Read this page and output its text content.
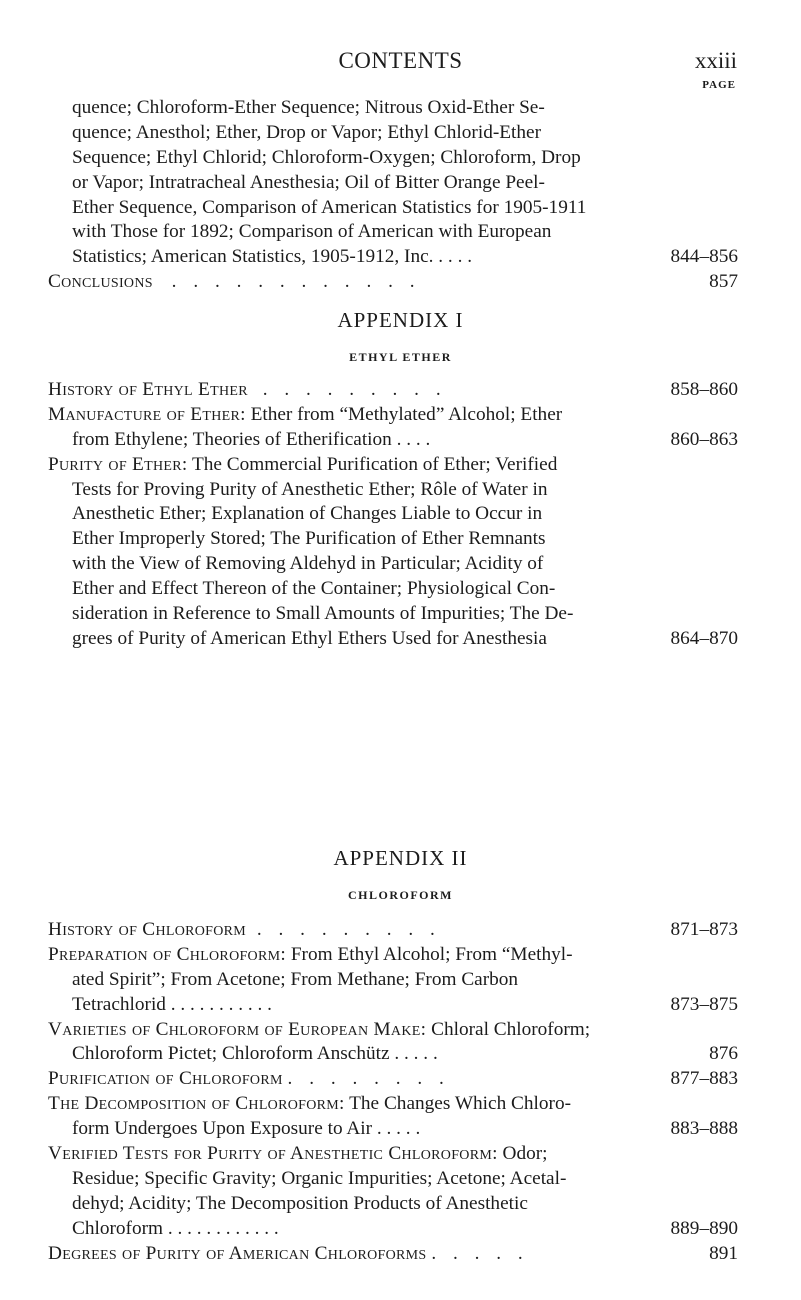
CONTENTS	xxiii
PAGE
quence; Chloroform-Ether Sequence; Nitrous Oxid-Ether Se-
quence; Anesthol; Ether, Drop or Vapor; Ethyl Chlorid-Ether
Sequence; Ethyl Chlorid; Chloroform-Oxygen; Chloroform, Drop
or Vapor; Intratracheal Anesthesia; Oil of Bitter Orange Peel-
Ether Sequence, Comparison of American Statistics for 1905-1911
with Those for 1892; Comparison of American with European
Statistics; American Statistics, 1905-1912, Inc. . . . .	844–856
Conclusions . . . . . . . . . . . .	857
APPENDIX I
ETHYL ETHER
History of Ethyl Ether . . . . . . . . .	858–860
Manufacture of Ether: Ether from “Methylated” Alcohol; Ether
from Ethylene; Theories of Etherification . . . .	860–863
Purity of Ether: The Commercial Purification of Ether; Verified
Tests for Proving Purity of Anesthetic Ether; Rôle of Water in
Anesthetic Ether; Explanation of Changes Liable to Occur in
Ether Improperly Stored; The Purification of Ether Remnants
with the View of Removing Aldehyd in Particular; Acidity of
Ether and Effect Thereon of the Container; Physiological Con-
sideration in Reference to Small Amounts of Impurities; The De-
grees of Purity of American Ethyl Ethers Used for Anesthesia	864–870
APPENDIX II
CHLOROFORM
History of Chloroform . . . . . . . . .	871–873
Preparation of Chloroform: From Ethyl Alcohol; From “Methyl-
ated Spirit”; From Acetone; From Methane; From Carbon
Tetrachlorid . . . . . . . . . . .	873–875
Varieties of Chloroform of European Make: Chloral Chloroform;
Chloroform Pictet; Chloroform Anschütz . . . . .	876
Purification of Chloroform . . . . . . . .	877–883
The Decomposition of Chloroform: The Changes Which Chloro-
form Undergoes Upon Exposure to Air . . . . .	883–888
Verified Tests for Purity of Anesthetic Chloroform: Odor;
Residue; Specific Gravity; Organic Impurities; Acetone; Acetal-
dehyd; Acidity; The Decomposition Products of Anesthetic
Chloroform . . . . . . . . . . . .	889–890
Degrees of Purity of American Chloroforms . . . . .	891
